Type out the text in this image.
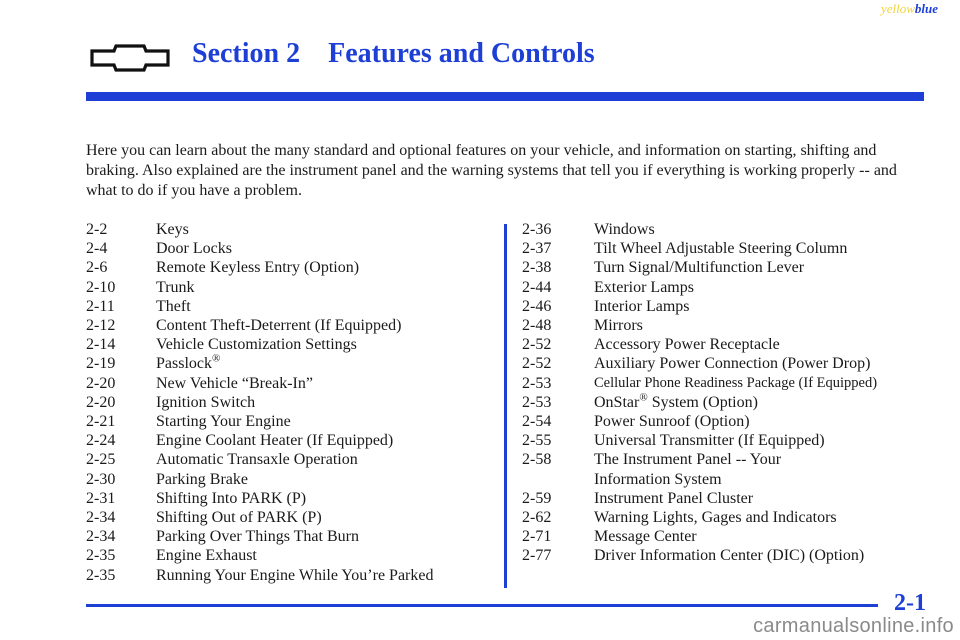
yellowblue
Section 2    Features and Controls

Here you can learn about the many standard and optional features on your vehicle, and information on starting, shifting and braking. Also explained are the instrument panel and the warning systems that tell you if everything is working properly -- and what to do if you have a problem.

2-2	Keys
2-4	Door Locks
2-6	Remote Keyless Entry (Option)
2-10	Trunk
2-11	Theft
2-12	Content Theft-Deterrent (If Equipped)
2-14	Vehicle Customization Settings
2-19	Passlock®
2-20	New Vehicle “Break-In”
2-20	Ignition Switch
2-21	Starting Your Engine
2-24	Engine Coolant Heater (If Equipped)
2-25	Automatic Transaxle Operation
2-30	Parking Brake
2-31	Shifting Into PARK (P)
2-34	Shifting Out of PARK (P)
2-34	Parking Over Things That Burn
2-35	Engine Exhaust
2-35	Running Your Engine While You’re Parked
2-36	Windows
2-37	Tilt Wheel Adjustable Steering Column
2-38	Turn Signal/Multifunction Lever
2-44	Exterior Lamps
2-46	Interior Lamps
2-48	Mirrors
2-52	Accessory Power Receptacle
2-52	Auxiliary Power Connection (Power Drop)
2-53	Cellular Phone Readiness Package (If Equipped)
2-53	OnStar® System (Option)
2-54	Power Sunroof (Option)
2-55	Universal Transmitter (If Equipped)
2-58	The Instrument Panel -- Your
Information System
2-59	Instrument Panel Cluster
2-62	Warning Lights, Gages and Indicators
2-71	Message Center
2-77	Driver Information Center (DIC) (Option)
2-1
carmanualsonline.info
